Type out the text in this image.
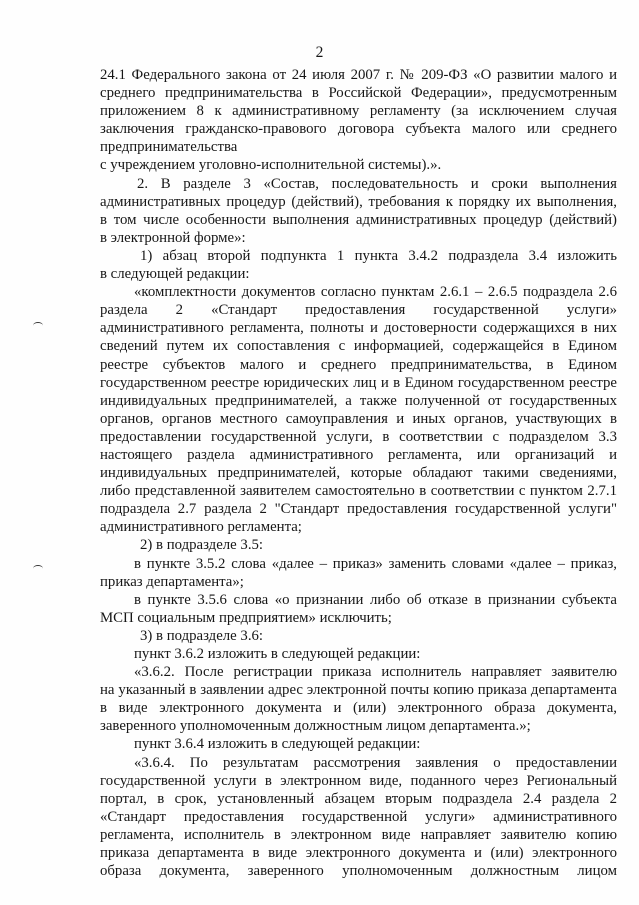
2
24.1 Федерального закона от 24 июля 2007 г. № 209-ФЗ «О развитии малого и
среднего предпринимательства в Российской Федерации», предусмотренным
приложением 8 к административному регламенту (за исключением случая
заключения гражданско-правового договора субъекта малого или среднего
предпринимательства
с учреждением уголовно-исполнительной системы).».
2. В разделе 3 «Состав, последовательность и сроки выполнения
административных процедур (действий), требования к порядку их выполнения,
в том числе особенности выполнения административных процедур (действий)
в электронной форме»:
1) абзац второй подпункта 1 пункта 3.4.2 подраздела 3.4 изложить
в следующей редакции:
«комплектности документов согласно пунктам 2.6.1 – 2.6.5 подраздела 2.6
раздела 2 «Стандарт предоставления государственной услуги»
административного регламента, полноты и достоверности содержащихся в них
сведений путем их сопоставления с информацией, содержащейся в Едином
реестре субъектов малого и среднего предпринимательства, в Едином
государственном реестре юридических лиц и в Едином государственном реестре
индивидуальных предпринимателей, а также полученной от государственных
органов, органов местного самоуправления и иных органов, участвующих в
предоставлении государственной услуги, в соответствии с подразделом 3.3
настоящего раздела административного регламента, или организаций и
индивидуальных предпринимателей, которые обладают такими сведениями,
либо представленной заявителем самостоятельно в соответствии с пунктом 2.7.1
подраздела 2.7 раздела 2 "Стандарт предоставления государственной услуги"
административного регламента;
2) в подразделе 3.5:
в пункте 3.5.2 слова «далее – приказ» заменить словами «далее – приказ,
приказ департамента»;
в пункте 3.5.6 слова «о признании либо об отказе в признании субъекта
МСП социальным предприятием» исключить;
3) в подразделе 3.6:
пункт 3.6.2 изложить в следующей редакции:
«3.6.2. После регистрации приказа исполнитель направляет заявителю
на указанный в заявлении адрес электронной почты копию приказа департамента
в виде электронного документа и (или) электронного образа документа,
заверенного уполномоченным должностным лицом департамента.»;
пункт 3.6.4 изложить в следующей редакции:
«3.6.4. По результатам рассмотрения заявления о предоставлении
государственной услуги в электронном виде, поданного через Региональный
портал, в срок, установленный абзацем вторым подраздела 2.4 раздела 2
«Стандарт предоставления государственной услуги» административного
регламента, исполнитель в электронном виде направляет заявителю копию
приказа департамента в виде электронного документа и (или) электронного
образа документа, заверенного уполномоченным должностным лицом
